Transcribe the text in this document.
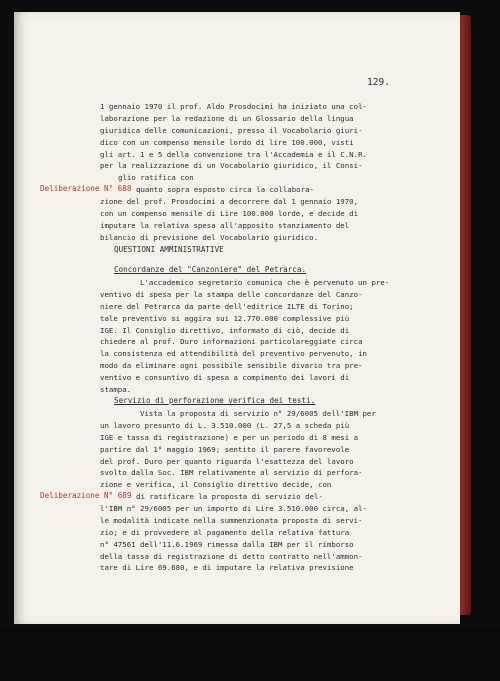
129.
1 gennaio 1970 il prof. Aldo Prosdocimi ha iniziato una col-
laborazione per la redazione di un Glossario della lingua
giuridica delle comunicazioni, presso il Vocabolario giuri-
dico con un compenso mensile lordo di lire 100.000, visti
gli art. 1 e 5 della convenzione tra l'Accademia e il C.N.R.
per la realizzazione di un Vocabolario giuridico, il Consi-
glio ratifica con
Deliberazione N° 688 quanto sopra esposto circa la collabora-
zione del prof. Prosdocimi a decorrere dal 1 gennaio 1970,
con un compenso mensile di Lire 100.000 lorde, e decide di
imputare la relativa spesa all'apposito stanziamento del
bilancio di previsione del Vocabolario giuridico.
QUESTIONI AMMINISTRATIVE
Concordanze del "Canzoniere" del Petrarca.
L'accademico segretario comunica che è pervenuto un pre-
ventivo di spesa per la stampa delle concordanze del Canzo-
niere del Petrarca da parte dell'editrice ILTE di Torino;
tale preventivo si aggira sui 12.770.000 complessive più
IGE. Il Consiglio direttivo, informato di ciò, decide di
chiedere al prof. Duro informazioni particolareggiate circa
la consistenza ed attendibilità del preventivo pervenuto, in
modo da eliminare ogni possibile sensibile divario tra pre-
ventivo e consuntivo di spesa a compimento dei lavori di
stampa.
Servizio di perforazione verifica dei testi.
Vista la proposta di servizio n° 29/6005 dell'IBM per
un lavoro presunto di L. 3.510.000 (L. 27,5 a scheda più
IGE e tassa di registrazione) e per un periodo di 8 mesi a
partire dal 1° maggio 1969; sentito il parere favorevole
del prof. Duro per quanto riguarda l'esattezza del lavoro
svolto dalla Soc. IBM relativamente al servizio di perfora-
zione e verifica, il Consiglio direttivo decide, con
Deliberazione N° 689 di ratificare la proposta di servizio del-
l'IBM n° 29/6005 per un importo di Lire 3.510.000 circa, al-
le modalità indicate nella summenzionata proposta di servi-
zio; e di provvedere al pagamento della relativa fattura
n° 47561 dell'11.6.1969 rimessa dalla IBM per il rimborso
della tassa di registrazione di detto contratto nell'ammon-
tare di Lire 69.680, e di imputare la relativa previsione
